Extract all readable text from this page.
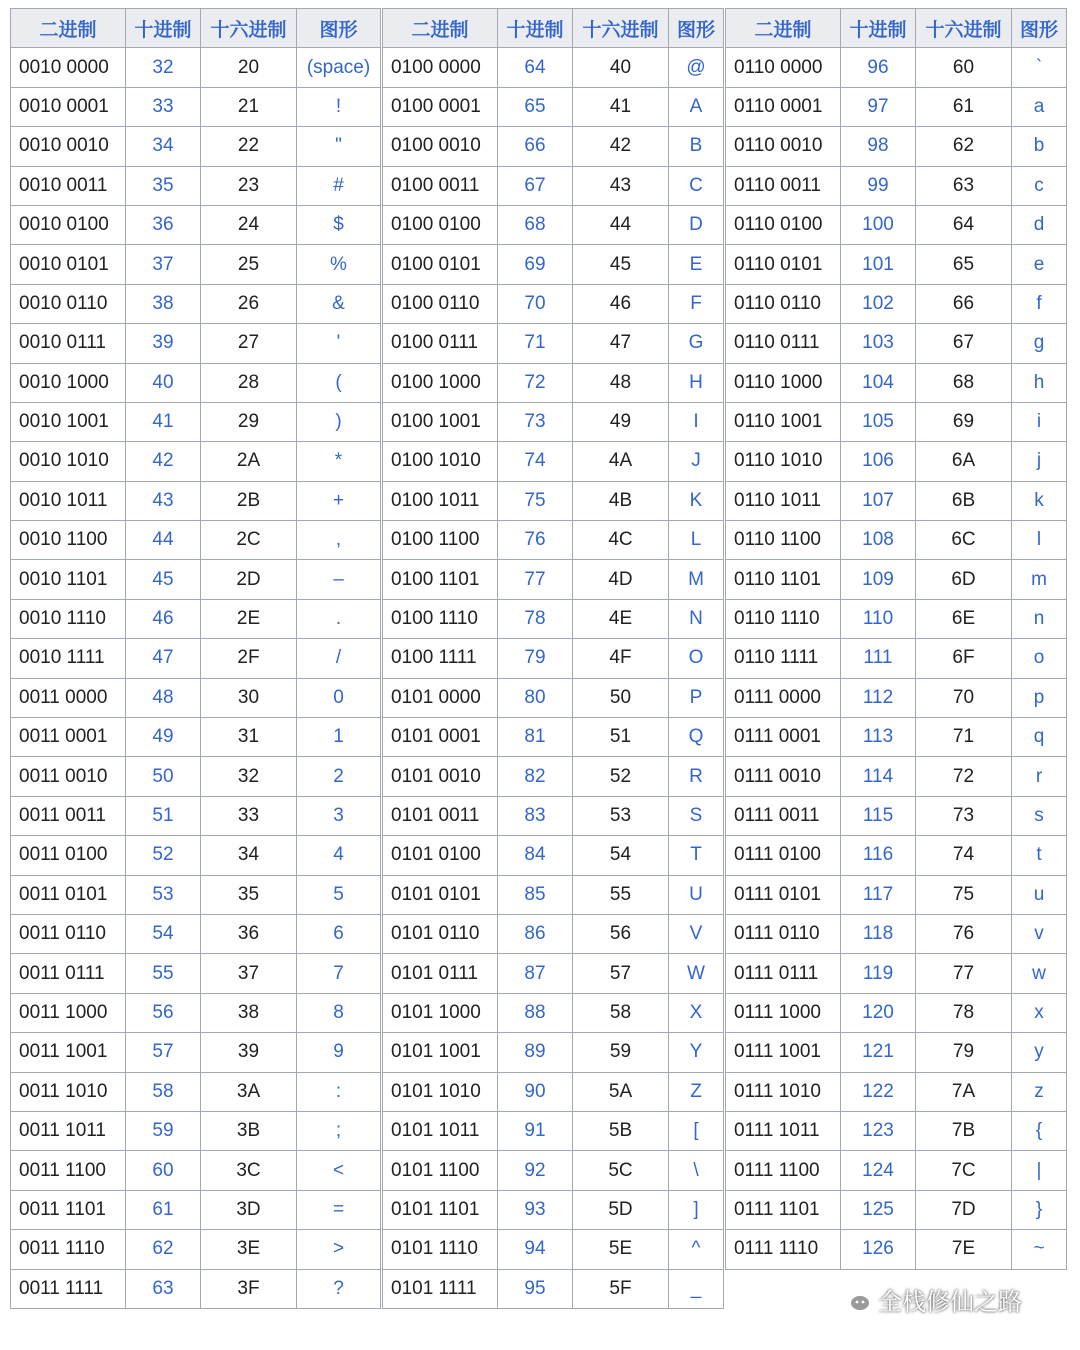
二进制	十进制	十六进制	图形
0010 0000	32	20	(space)
0010 0001	33	21	!
0010 0010	34	22	"
0010 0011	35	23	#
0010 0100	36	24	$
0010 0101	37	25	%
0010 0110	38	26	&
0010 0111	39	27	'
0010 1000	40	28	(
0010 1001	41	29	)
0010 1010	42	2A	*
0010 1011	43	2B	+
0010 1100	44	2C	,
0010 1101	45	2D	–
0010 1110	46	2E	.
0010 1111	47	2F	/
0011 0000	48	30	0
0011 0001	49	31	1
0011 0010	50	32	2
0011 0011	51	33	3
0011 0100	52	34	4
0011 0101	53	35	5
0011 0110	54	36	6
0011 0111	55	37	7
0011 1000	56	38	8
0011 1001	57	39	9
0011 1010	58	3A	:
0011 1011	59	3B	;
0011 1100	60	3C	<
0011 1101	61	3D	=
0011 1110	62	3E	>
0011 1111	63	3F	?
二进制	十进制	十六进制	图形
0100 0000	64	40	@
0100 0001	65	41	A
0100 0010	66	42	B
0100 0011	67	43	C
0100 0100	68	44	D
0100 0101	69	45	E
0100 0110	70	46	F
0100 0111	71	47	G
0100 1000	72	48	H
0100 1001	73	49	I
0100 1010	74	4A	J
0100 1011	75	4B	K
0100 1100	76	4C	L
0100 1101	77	4D	M
0100 1110	78	4E	N
0100 1111	79	4F	O
0101 0000	80	50	P
0101 0001	81	51	Q
0101 0010	82	52	R
0101 0011	83	53	S
0101 0100	84	54	T
0101 0101	85	55	U
0101 0110	86	56	V
0101 0111	87	57	W
0101 1000	88	58	X
0101 1001	89	59	Y
0101 1010	90	5A	Z
0101 1011	91	5B	[
0101 1100	92	5C	\
0101 1101	93	5D	]
0101 1110	94	5E	^
0101 1111	95	5F	_
二进制	十进制	十六进制	图形
0110 0000	96	60	`
0110 0001	97	61	a
0110 0010	98	62	b
0110 0011	99	63	c
0110 0100	100	64	d
0110 0101	101	65	e
0110 0110	102	66	f
0110 0111	103	67	g
0110 1000	104	68	h
0110 1001	105	69	i
0110 1010	106	6A	j
0110 1011	107	6B	k
0110 1100	108	6C	l
0110 1101	109	6D	m
0110 1110	110	6E	n
0110 1111	111	6F	o
0111 0000	112	70	p
0111 0001	113	71	q
0111 0010	114	72	r
0111 0011	115	73	s
0111 0100	116	74	t
0111 0101	117	75	u
0111 0110	118	76	v
0111 0111	119	77	w
0111 1000	120	78	x
0111 1001	121	79	y
0111 1010	122	7A	z
0111 1011	123	7B	{
0111 1100	124	7C	|
0111 1101	125	7D	}
0111 1110	126	7E	~
全栈修仙之路
